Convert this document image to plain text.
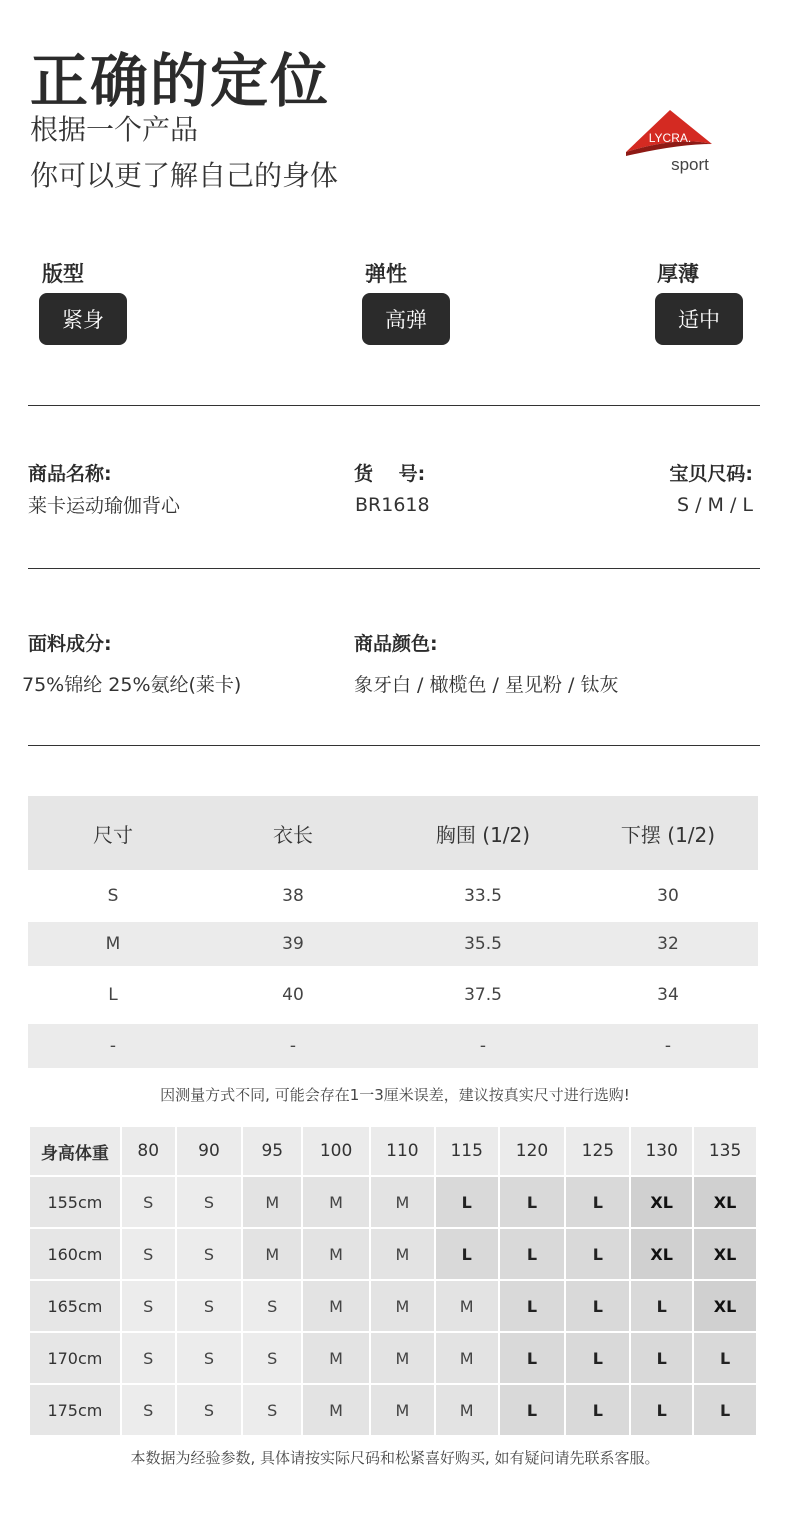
正确的定位
根据一个产品
你可以更了解自己的身体
LYCRA.
sport
版型
紧身
弹性
高弹
厚薄
适中
商品名称:
莱卡运动瑜伽背心
货　 号:
BR1618
宝贝尺码:
S / M / L
面料成分:
75%锦纶 25%氨纶(莱卡)
商品颜色:
象牙白 / 橄榄色 / 星见粉 / 钛灰
尺寸	衣长	胸围 (1/2)	下摆 (1/2)
S	38	33.5	30
M	39	35.5	32
L	40	37.5	34
-	-	-	-
因测量方式不同, 可能会存在1一3厘米误差，建议按真实尺寸进行选购!
身高体重	80	90	95	100	110	115	120	125	130	135
155cm	S	S	M	M	M	L	L	L	XL	XL
160cm	S	S	M	M	M	L	L	L	XL	XL
165cm	S	S	S	M	M	M	L	L	L	XL
170cm	S	S	S	M	M	M	L	L	L	L
175cm	S	S	S	M	M	M	L	L	L	L
本数据为经验参数, 具体请按实际尺码和松紧喜好购买, 如有疑问请先联系客服。
